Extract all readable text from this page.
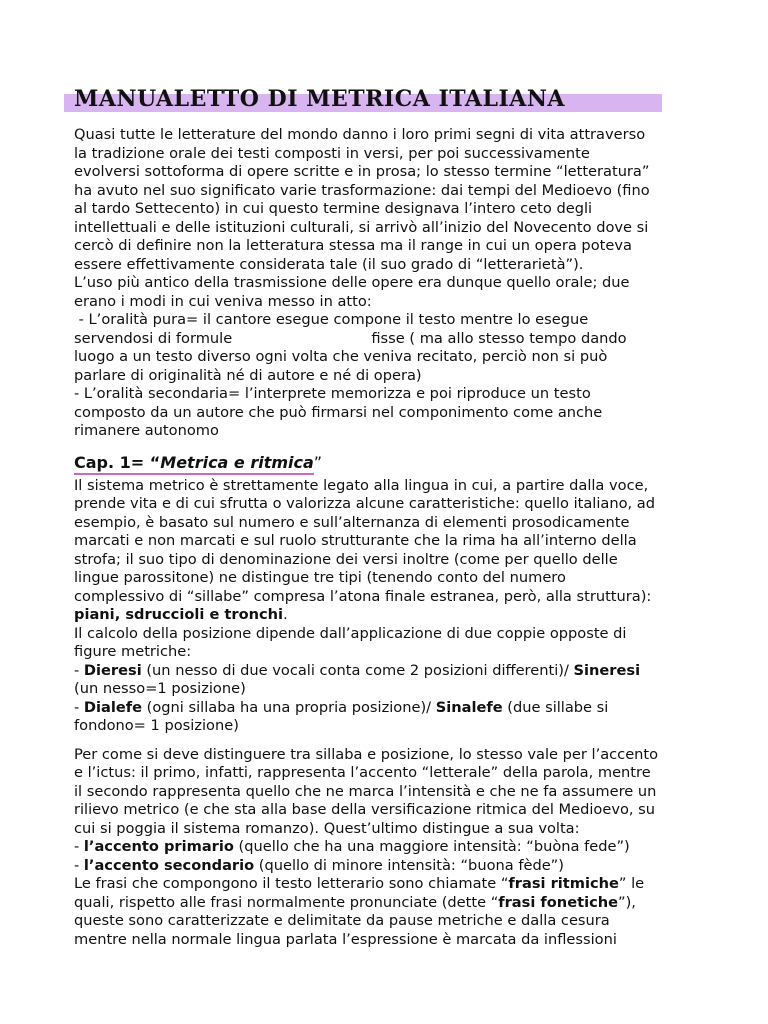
MANUALETTO DI METRICA ITALIANA
Quasi tutte le letterature del mondo danno i loro primi segni di vita attraverso
la tradizione orale dei testi composti in versi, per poi successivamente
evolversi sottoforma di opere scritte e in prosa; lo stesso termine “letteratura”
ha avuto nel suo significato varie trasformazione: dai tempi del Medioevo (fino
al tardo Settecento) in cui questo termine designava l’intero ceto degli
intellettuali e delle istituzioni culturali, si arrivò all’inizio del Novecento dove si
cercò di definire non la letteratura stessa ma il range in cui un opera poteva
essere effettivamente considerata tale (il suo grado di “letterarietà”).
L’uso più antico della trasmissione delle opere era dunque quello orale; due
erano i modi in cui veniva messo in atto:
- L’oralità pura= il cantore esegue compone il testo mentre lo esegue
servendosi di formule                              fisse ( ma allo stesso tempo dando
luogo a un testo diverso ogni volta che veniva recitato, perciò non si può
parlare di originalità né di autore e né di opera)
- L’oralità secondaria= l’interprete memorizza e poi riproduce un testo
composto da un autore che può firmarsi nel componimento come anche
rimanere autonomo
Cap. 1= “Metrica e ritmica”
Il sistema metrico è strettamente legato alla lingua in cui, a partire dalla voce,
prende vita e di cui sfrutta o valorizza alcune caratteristiche: quello italiano, ad
esempio, è basato sul numero e sull’alternanza di elementi prosodicamente
marcati e non marcati e sul ruolo strutturante che la rima ha all’interno della
strofa; il suo tipo di denominazione dei versi inoltre (come per quello delle
lingue parossitone) ne distingue tre tipi (tenendo conto del numero
complessivo di “sillabe” compresa l’atona finale estranea, però, alla struttura):
piani, sdruccioli e tronchi.
Il calcolo della posizione dipende dall’applicazione di due coppie opposte di
figure metriche:
- Dieresi (un nesso di due vocali conta come 2 posizioni differenti)/ Sineresi
(un nesso=1 posizione)
- Dialefe (ogni sillaba ha una propria posizione)/ Sinalefe (due sillabe si
fondono= 1 posizione)
Per come si deve distinguere tra sillaba e posizione, lo stesso vale per l’accento
e l’ictus: il primo, infatti, rappresenta l’accento “letterale” della parola, mentre
il secondo rappresenta quello che ne marca l’intensità e che ne fa assumere un
rilievo metrico (e che sta alla base della versificazione ritmica del Medioevo, su
cui si poggia il sistema romanzo). Quest’ultimo distingue a sua volta:
- l’accento primario (quello che ha una maggiore intensità: “buòna fede”)
- l’accento secondario (quello di minore intensità: “buona fède”)
Le frasi che compongono il testo letterario sono chiamate “frasi ritmiche” le
quali, rispetto alle frasi normalmente pronunciate (dette “frasi fonetiche”),
queste sono caratterizzate e delimitate da pause metriche e dalla cesura
mentre nella normale lingua parlata l’espressione è marcata da inflessioni
